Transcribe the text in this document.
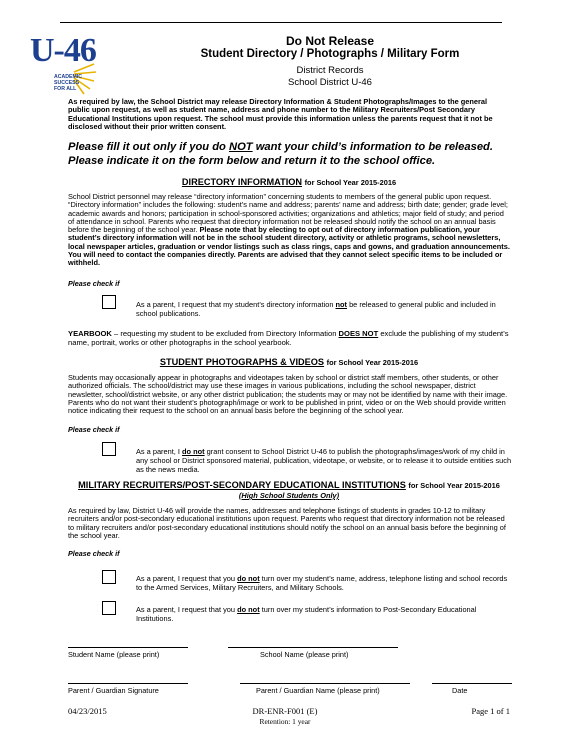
U-46
ACADEMIC
SUCCESS
FOR ALL
Do Not Release
Student Directory / Photographs / Military Form
District Records
School District U-46
As required by law, the School District may release Directory Information & Student Photographs/Images to the general public upon request, as well as student name, address and phone number to the Military Recruiters/Post Secondary Educational Institutions upon request. The school must provide this information unless the parents request that it not be disclosed without their prior written consent.
Please fill it out only if you do NOT want your child’s information to be released.
Please indicate it on the form below and return it to the school office.
DIRECTORY INFORMATION for School Year 2015-2016
School District personnel may release “directory information” concerning students to members of the general public upon request. “Directory information” includes the following: student’s name and address; parents’ name and address; birth date; gender; grade level; academic awards and honors; participation in school-sponsored activities; organizations and athletics; major field of study; and period of attendance in school. Parents who request that directory information not be released should notify the school on an annual basis before the beginning of the school year. Please note that by electing to opt out of directory information publication, your student’s directory information will not be in the school student directory, activity or athletic programs, school newsletters, local newspaper articles, graduation or vendor listings such as class rings, caps and gowns, and graduation announcements. You will need to contact the companies directly. Parents are advised that they cannot select specific items to be included or withheld.
Please check if
As a parent, I request that my student’s directory information not be released to general public and included in school publications.
YEARBOOK – requesting my student to be excluded from Directory Information DOES NOT exclude the publishing of my student’s name, portrait, works or other photographs in the school yearbook.
STUDENT PHOTOGRAPHS & VIDEOS for School Year 2015-2016
Students may occasionally appear in photographs and videotapes taken by school or district staff members, other students, or other authorized officials. The school/district may use these images in various publications, including the school newspaper, district newsletter, school/district website, or any other district publication; the students may or may not be identified by name with their image. Parents who do not want their student’s photograph/image or work to be published in print, video or on the Web should provide written notice indicating their request to the school on an annual basis before the beginning of the school year.
Please check if
As a parent, I do not grant consent to School District U-46 to publish the photographs/images/work of my child in any school or District sponsored material, publication, videotape, or website, or to release it to outside entities such as the news media.
MILITARY RECRUITERS/POST-SECONDARY EDUCATIONAL INSTITUTIONS for School Year 2015-2016
(High School Students Only)
As required by law, District U-46 will provide the names, addresses and telephone listings of students in grades 10-12 to military recruiters and/or post-secondary educational institutions upon request. Parents who request that directory information not be released to military recruiters and/or post-secondary educational institutions should notify the school on an annual basis before the beginning of the school year.
Please check if
As a parent, I request that you do not turn over my student’s name, address, telephone listing and school records to the Armed Services, Military Recruiters, and Military Schools.
As a parent, I request that you do not turn over my student’s information to Post-Secondary Educational Institutions.
Student Name (please print)	School Name (please print)
Parent / Guardian Signature	Parent / Guardian Name (please print)	Date
04/23/2015	DR-ENR-F001 (E)
Retention: 1 year
Page 1 of 1
